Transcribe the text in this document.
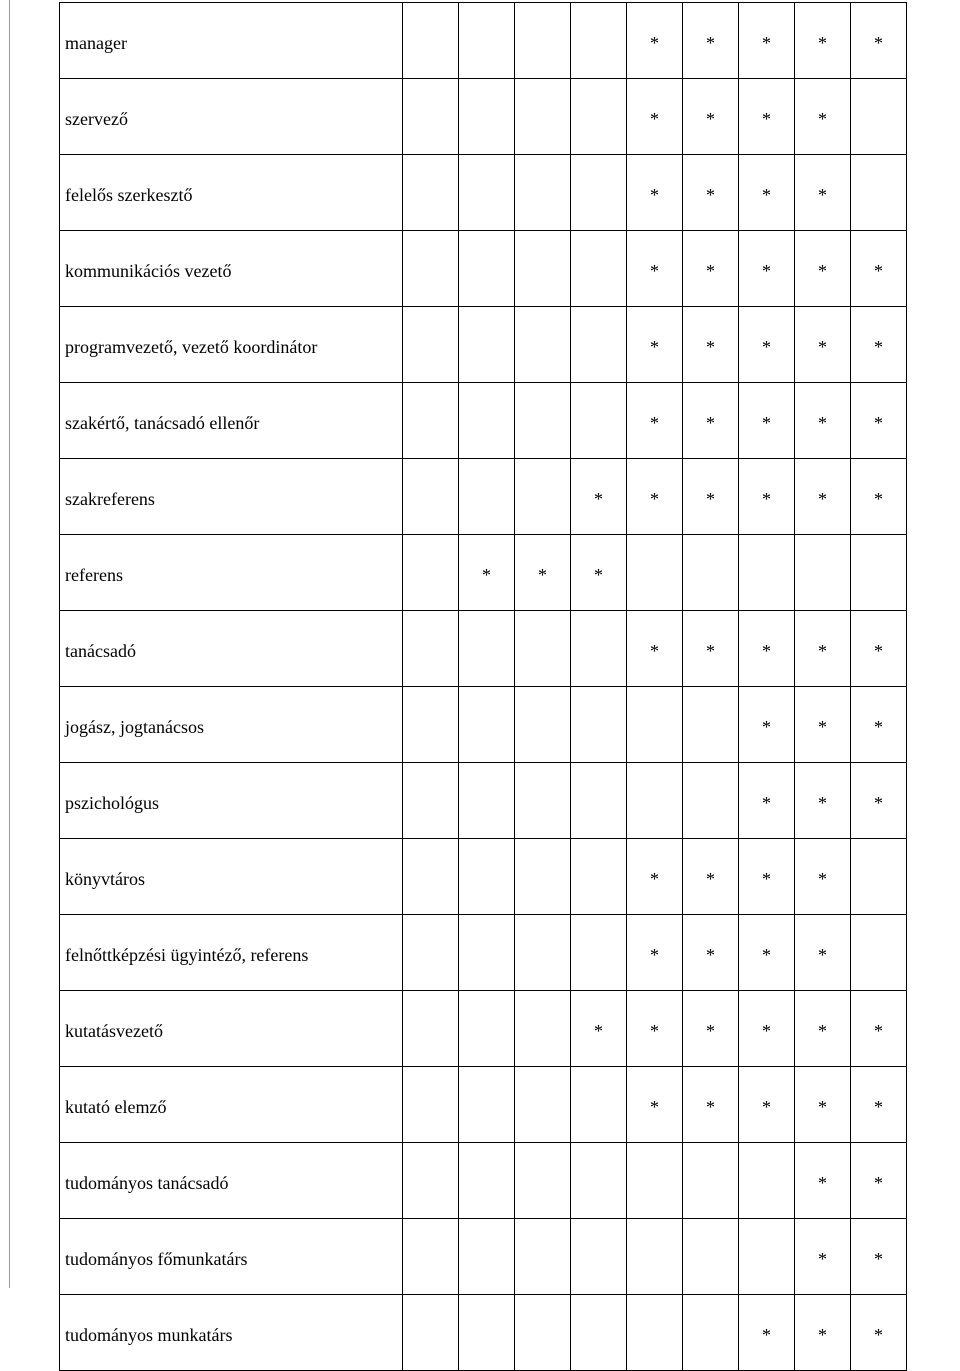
manager					*	*	*	*	*
szervező					*	*	*	*	
felelős szerkesztő					*	*	*	*	
kommunikációs vezető					*	*	*	*	*
programvezető, vezető koordinátor					*	*	*	*	*
szakértő, tanácsadó ellenőr					*	*	*	*	*
szakreferens				*	*	*	*	*	*
referens		*	*	*					
tanácsadó					*	*	*	*	*
jogász, jogtanácsos							*	*	*
pszichológus							*	*	*
könyvtáros					*	*	*	*	
felnőttképzési ügyintéző, referens					*	*	*	*	
kutatásvezető				*	*	*	*	*	*
kutató elemző					*	*	*	*	*
tudományos tanácsadó								*	*
tudományos főmunkatárs								*	*
tudományos munkatárs							*	*	*
